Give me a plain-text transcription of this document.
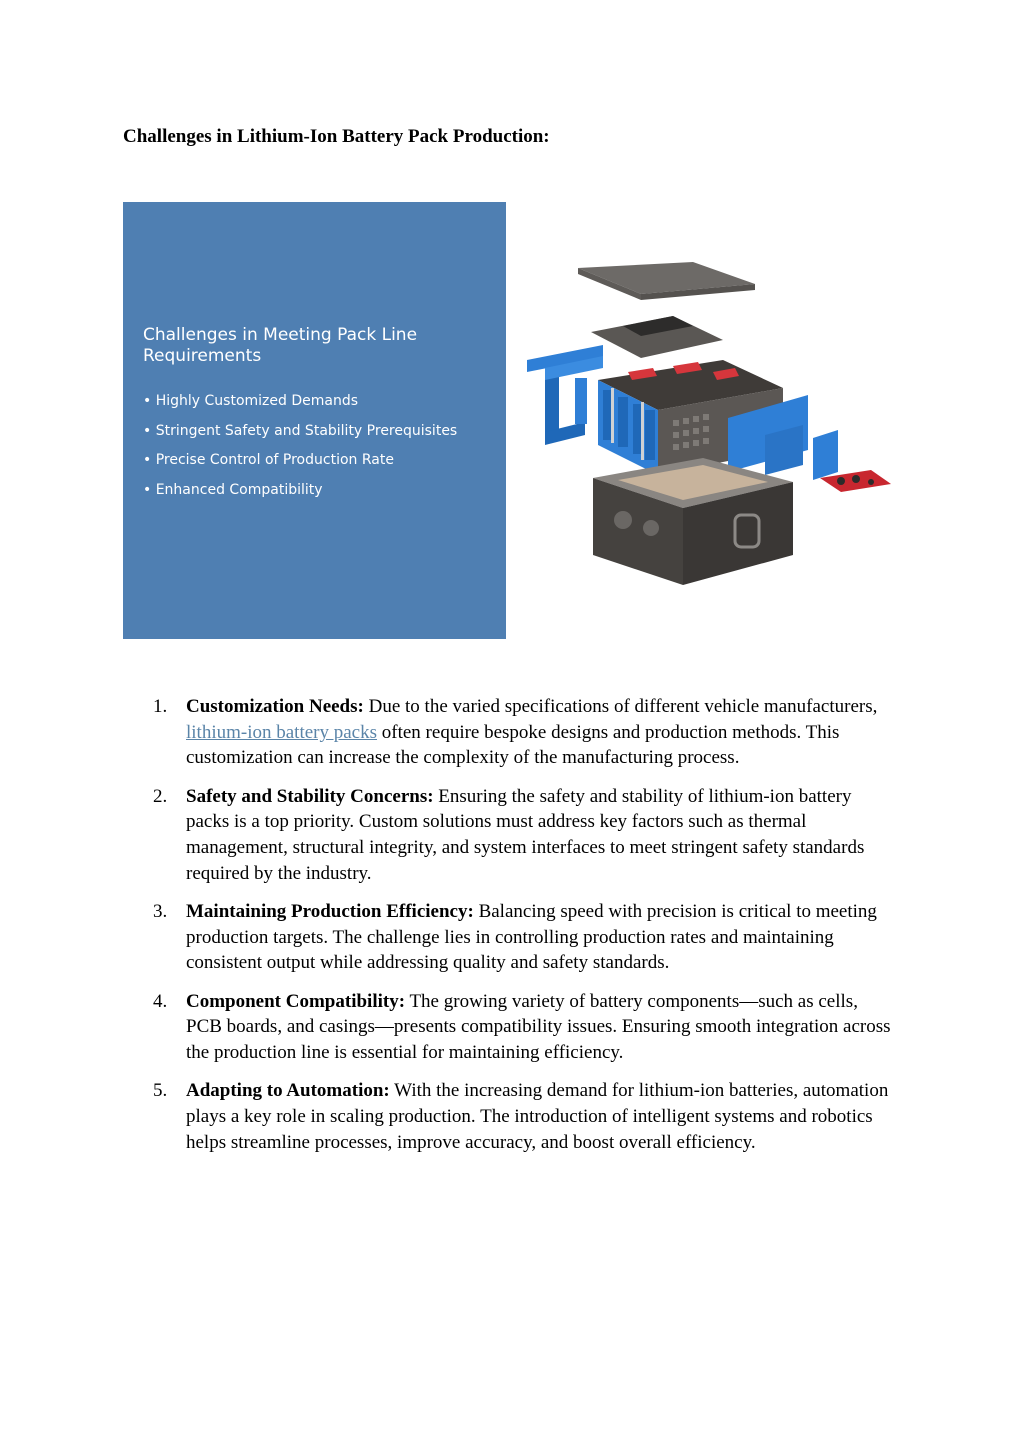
Challenges in Lithium-Ion Battery Pack Production:
Challenges in Meeting Pack Line Requirements
• Highly Customized Demands
• Stringent Safety and Stability Prerequisites
• Precise Control of Production Rate
• Enhanced Compatibility
1. Customization Needs: Due to the varied specifications of different vehicle manufacturers, lithium-ion battery packs often require bespoke designs and production methods. This customization can increase the complexity of the manufacturing process.
2. Safety and Stability Concerns: Ensuring the safety and stability of lithium-ion battery packs is a top priority. Custom solutions must address key factors such as thermal management, structural integrity, and system interfaces to meet stringent safety standards required by the industry.
3. Maintaining Production Efficiency: Balancing speed with precision is critical to meeting production targets. The challenge lies in controlling production rates and maintaining consistent output while addressing quality and safety standards.
4. Component Compatibility: The growing variety of battery components—such as cells, PCB boards, and casings—presents compatibility issues. Ensuring smooth integration across the production line is essential for maintaining efficiency.
5. Adapting to Automation: With the increasing demand for lithium-ion batteries, automation plays a key role in scaling production. The introduction of intelligent systems and robotics helps streamline processes, improve accuracy, and boost overall efficiency.
